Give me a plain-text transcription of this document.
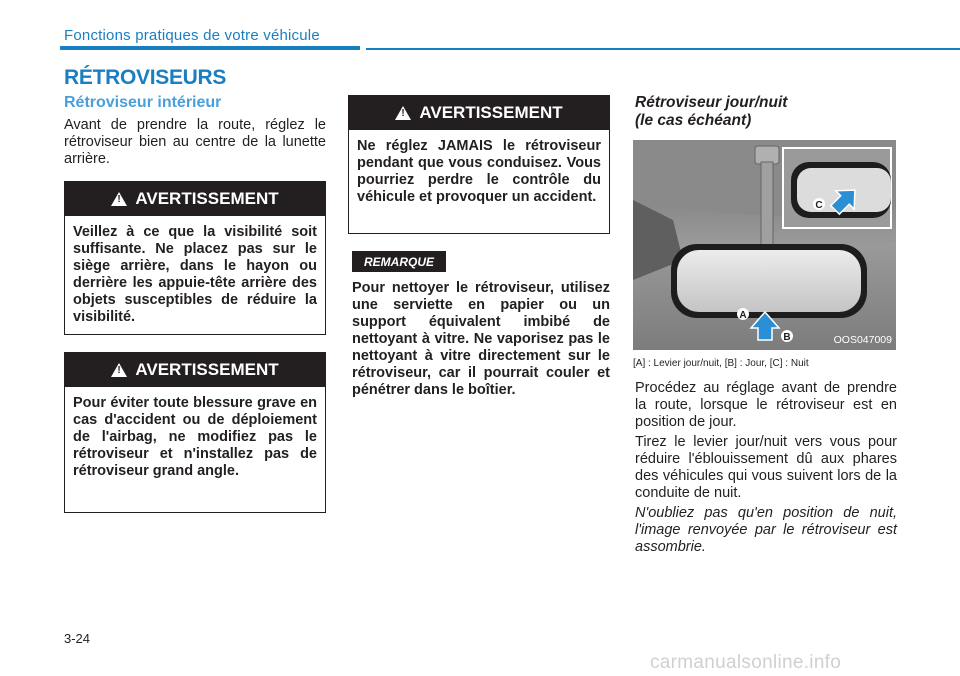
Fonctions pratiques de votre véhicule
RÉTROVISEURS
Rétroviseur intérieur

Avant de prendre la route, réglez le rétroviseur bien au centre de la lunette arrière.

!
AVERTISSEMENT
Veillez à ce que la visibilité soit suffisante. Ne placez pas sur le siège arrière, dans le hayon ou derrière les appuie-tête arrière des objets susceptibles de réduire la visibilité.
!
AVERTISSEMENT
Pour éviter toute blessure grave en cas d'accident ou de déploiement de l'airbag, ne modifiez pas le rétroviseur et n'installez pas de rétroviseur grand angle.
!
AVERTISSEMENT
Ne réglez JAMAIS le rétroviseur pendant que vous conduisez. Vous pourriez perdre le contrôle du véhicule et provoquer un accident.
REMARQUE

Pour nettoyer le rétroviseur, utilisez une serviette en papier ou un support équivalent imbibé de nettoyant à vitre. Ne vaporisez pas le nettoyant à vitre directement sur le rétroviseur, car il pourrait couler et pénétrer dans le boîtier.

Rétroviseur jour/nuit
(le cas échéant)
C
A
B	OOS047009
[A] : Levier jour/nuit, [B] : Jour, [C] : Nuit

Procédez au réglage avant de prendre la route, lorsque le rétroviseur est en position de jour.

Tirez le levier jour/nuit vers vous pour réduire l'éblouissement dû aux phares des véhicules qui vous suivent lors de la conduite de nuit.

N'oubliez pas qu'en position de nuit, l'image renvoyée par le rétroviseur est assombrie.

3-24
carmanualsonline.info
